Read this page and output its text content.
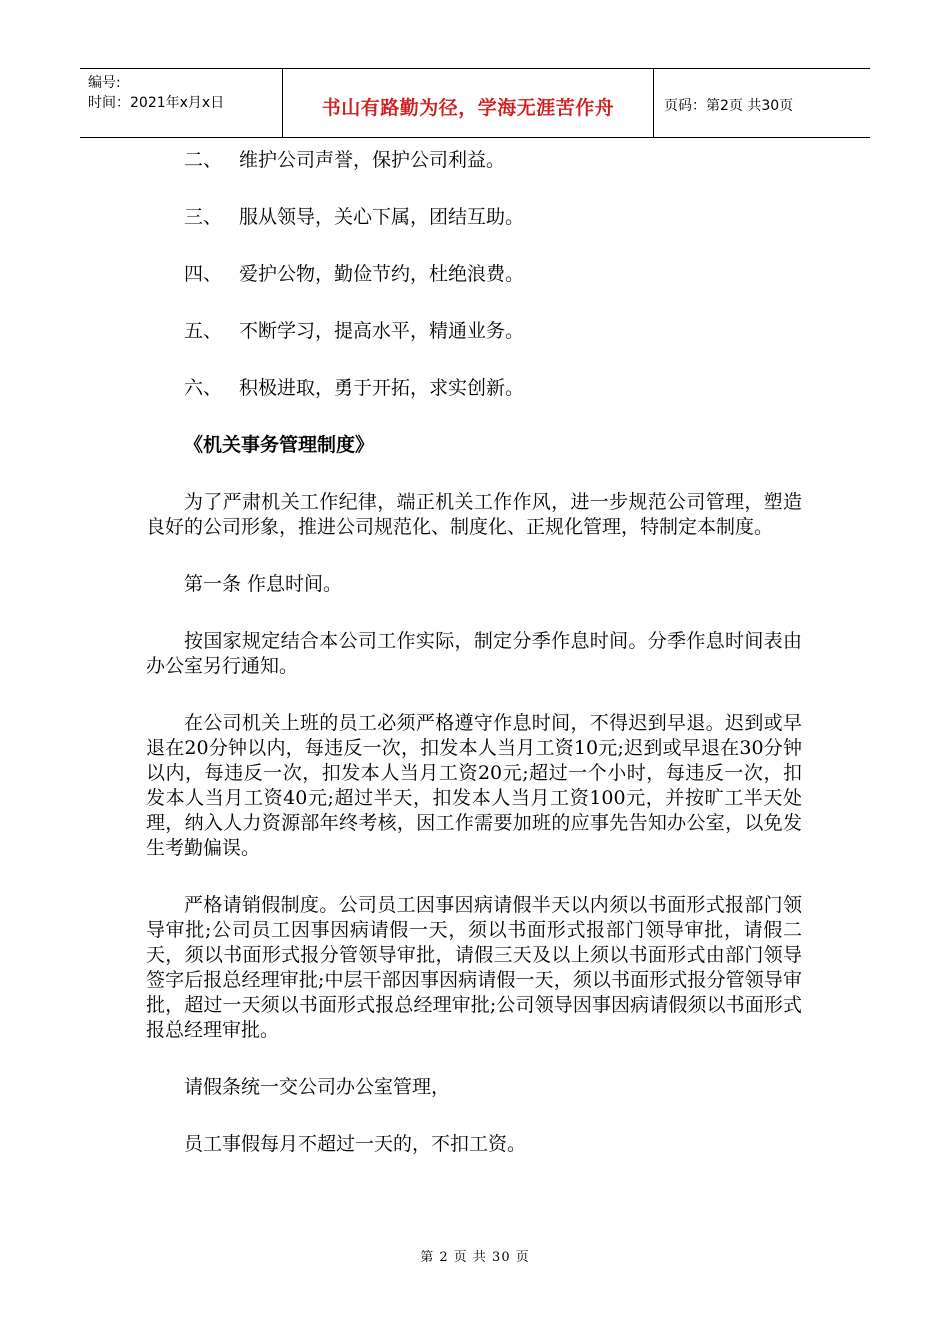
编号:
时间：2021年x月x日	书山有路勤为径，学海无涯苦作舟	页码：第2页 共30页
二、 维护公司声誉，保护公司利益。
三、 服从领导，关心下属，团结互助。
四、 爱护公物，勤俭节约，杜绝浪费。
五、 不断学习，提高水平，精通业务。
六、 积极进取，勇于开拓，求实创新。
《机关事务管理制度》

为了严肃机关工作纪律，端正机关工作作风，进一步规范公司管理，塑造良好的公司形象，推进公司规范化、制度化、正规化管理，特制定本制度。

第一条 作息时间。

按国家规定结合本公司工作实际，制定分季作息时间。分季作息时间表由办公室另行通知。

在公司机关上班的员工必须严格遵守作息时间，不得迟到早退。迟到或早退在20分钟以内，每违反一次，扣发本人当月工资10元;迟到或早退在30分钟以内，每违反一次，扣发本人当月工资20元;超过一个小时，每违反一次，扣发本人当月工资40元;超过半天，扣发本人当月工资100元，并按旷工半天处理，纳入人力资源部年终考核，因工作需要加班的应事先告知办公室，以免发生考勤偏误。

严格请销假制度。公司员工因事因病请假半天以内须以书面形式报部门领导审批;公司员工因事因病请假一天，须以书面形式报部门领导审批，请假二天，须以书面形式报分管领导审批，请假三天及以上须以书面形式由部门领导签字后报总经理审批;中层干部因事因病请假一天，须以书面形式报分管领导审批，超过一天须以书面形式报总经理审批;公司领导因事因病请假须以书面形式报总经理审批。

请假条统一交公司办公室管理，

员工事假每月不超过一天的，不扣工资。

第 2 页 共 30 页
